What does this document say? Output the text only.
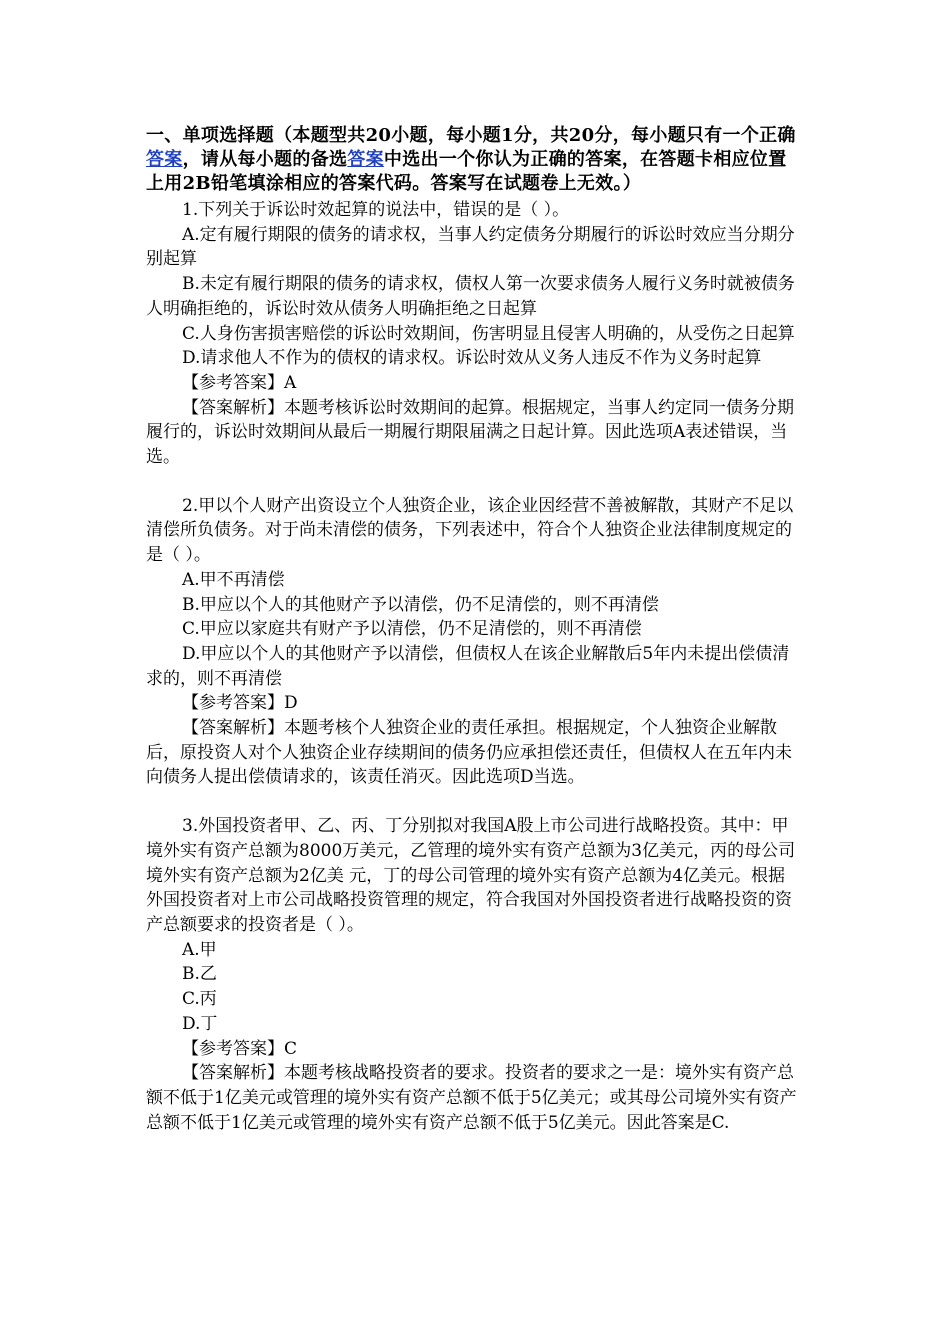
一、单项选择题（本题型共20小题，每小题1分，共20分，每小题只有一个正确答案，请从每小题的备选答案中选出一个你认为正确的答案，在答题卡相应位置上用2B铅笔填涂相应的答案代码。答案写在试题卷上无效。）

1.下列关于诉讼时效起算的说法中，错误的是（ ）。

A.定有履行期限的债务的请求权，当事人约定债务分期履行的诉讼时效应当分期分别起算

B.未定有履行期限的债务的请求权，债权人第一次要求债务人履行义务时就被债务人明确拒绝的，诉讼时效从债务人明确拒绝之日起算

C.人身伤害损害赔偿的诉讼时效期间，伤害明显且侵害人明确的，从受伤之日起算

D.请求他人不作为的债权的请求权。诉讼时效从义务人违反不作为义务时起算

【参考答案】A

【答案解析】本题考核诉讼时效期间的起算。根据规定，当事人约定同一债务分期履行的，诉讼时效期间从最后一期履行期限届满之日起计算。因此选项A表述错误，当选。

2.甲以个人财产出资设立个人独资企业，该企业因经营不善被解散，其财产不足以清偿所负债务。对于尚未清偿的债务，下列表述中，符合个人独资企业法律制度规定的是（ ）。

A.甲不再清偿

B.甲应以个人的其他财产予以清偿，仍不足清偿的，则不再清偿

C.甲应以家庭共有财产予以清偿，仍不足清偿的，则不再清偿

D.甲应以个人的其他财产予以清偿，但债权人在该企业解散后5年内未提出偿债清求的，则不再清偿

【参考答案】D

【答案解析】本题考核个人独资企业的责任承担。根据规定，个人独资企业解散后，原投资人对个人独资企业存续期间的债务仍应承担偿还责任，但债权人在五年内未向债务人提出偿债请求的，该责任消灭。因此选项D当选。

3.外国投资者甲、乙、丙、丁分别拟对我国A股上市公司进行战略投资。其中：甲境外实有资产总额为8000万美元，乙管理的境外实有资产总额为3亿美元，丙的母公司境外实有资产总额为2亿美 元，丁的母公司管理的境外实有资产总额为4亿美元。根据外国投资者对上市公司战略投资管理的规定，符合我国对外国投资者进行战略投资的资产总额要求的投资者是（ ）。

A.甲

B.乙

C.丙

D.丁

【参考答案】C

【答案解析】本题考核战略投资者的要求。投资者的要求之一是：境外实有资产总额不低于1亿美元或管理的境外实有资产总额不低于5亿美元；或其母公司境外实有资产总额不低于1亿美元或管理的境外实有资产总额不低于5亿美元。因此答案是C.
